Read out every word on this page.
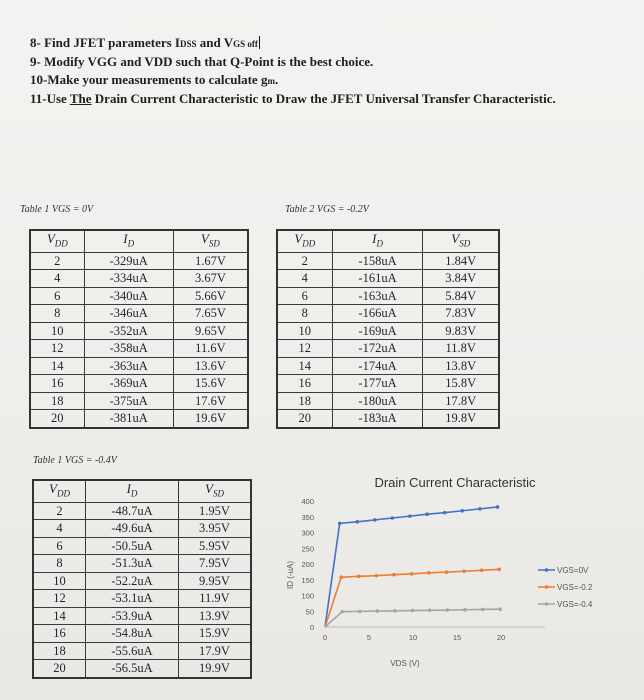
8- Find JFET parameters IDSS and VGS off
9- Modify VGG and VDD such that Q-Point is the best choice.
10-Make your measurements to calculate gm.
11-Use The Drain Current Characteristic to Draw the JFET Universal Transfer Characteristic.
Table 1 VGS = 0V
$V_{DD}$	$I_D$	$V_{SD}$
2	-329uA	1.67V
4	-334uA	3.67V
6	-340uA	5.66V
8	-346uA	7.65V
10	-352uA	9.65V
12	-358uA	11.6V
14	-363uA	13.6V
16	-369uA	15.6V
18	-375uA	17.6V
20	-381uA	19.6V
Table 2 VGS = -0.2V
$V_{DD}$	$I_D$	$V_{SD}$
2	-158uA	1.84V
4	-161uA	3.84V
6	-163uA	5.84V
8	-166uA	7.83V
10	-169uA	9.83V
12	-172uA	11.8V
14	-174uA	13.8V
16	-177uA	15.8V
18	-180uA	17.8V
20	-183uA	19.8V
Table 1 VGS = -0.4V
$V_{DD}$	$I_D$	$V_{SD}$
2	-48.7uA	1.95V
4	-49.6uA	3.95V
6	-50.5uA	5.95V
8	-51.3uA	7.95V
10	-52.2uA	9.95V
12	-53.1uA	11.9V
14	-53.9uA	13.9V
16	-54.8uA	15.9V
18	-55.6uA	17.9V
20	-56.5uA	19.9V
Drain Current Characteristic
VDS (V)
ID (-uA)
0
50
100
150
200
250
300
350
400
0	5	10	15	20
VGS=0V
VGS=-0.2
VGS=-0.4
